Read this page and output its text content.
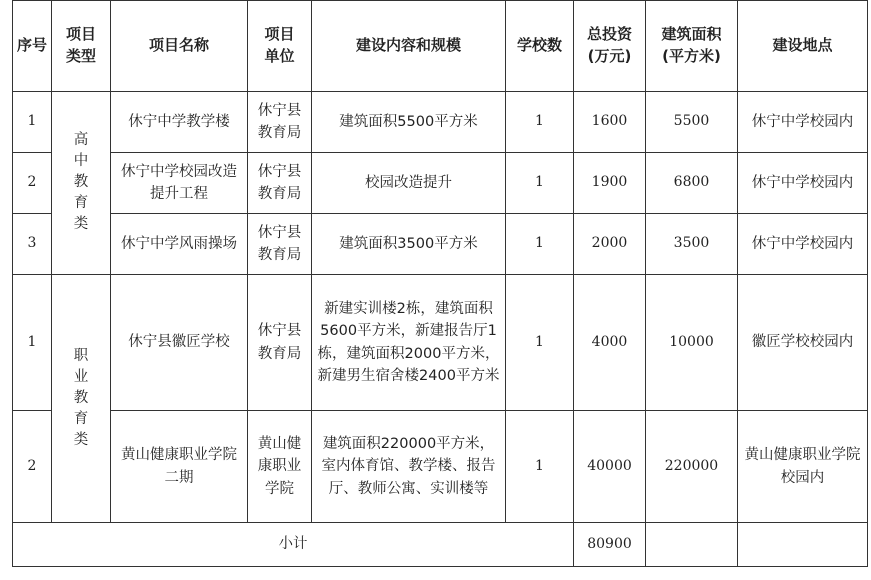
序号	项目类型	项目名称	项目单位	建设内容和规模	学校数	总投资(万元)	建筑面积(平方米)	建设地点
1	高中教育类	休宁中学教学楼	休宁县教育局	建筑面积5500平方米	1	1600	5500	休宁中学校园内
2		休宁中学校园改造提升工程	休宁县教育局	校园改造提升	1	1900	6800	休宁中学校园内
3		休宁中学风雨操场	休宁县教育局	建筑面积3500平方米	1	2000	3500	休宁中学校园内
1	职业教育类	休宁县徽匠学校	休宁县教育局	新建实训楼2栋，建筑面积5600平方米，新建报告厅1栋，建筑面积2000平方米，新建男生宿舍楼2400平方米	1	4000	10000	徽匠学校校园内
2		黄山健康职业学院二期	黄山健康职业学院	建筑面积220000平方米，室内体育馆、教学楼、报告厅、教师公寓、实训楼等	1	40000	220000	黄山健康职业学院校园内
小计						80900		
